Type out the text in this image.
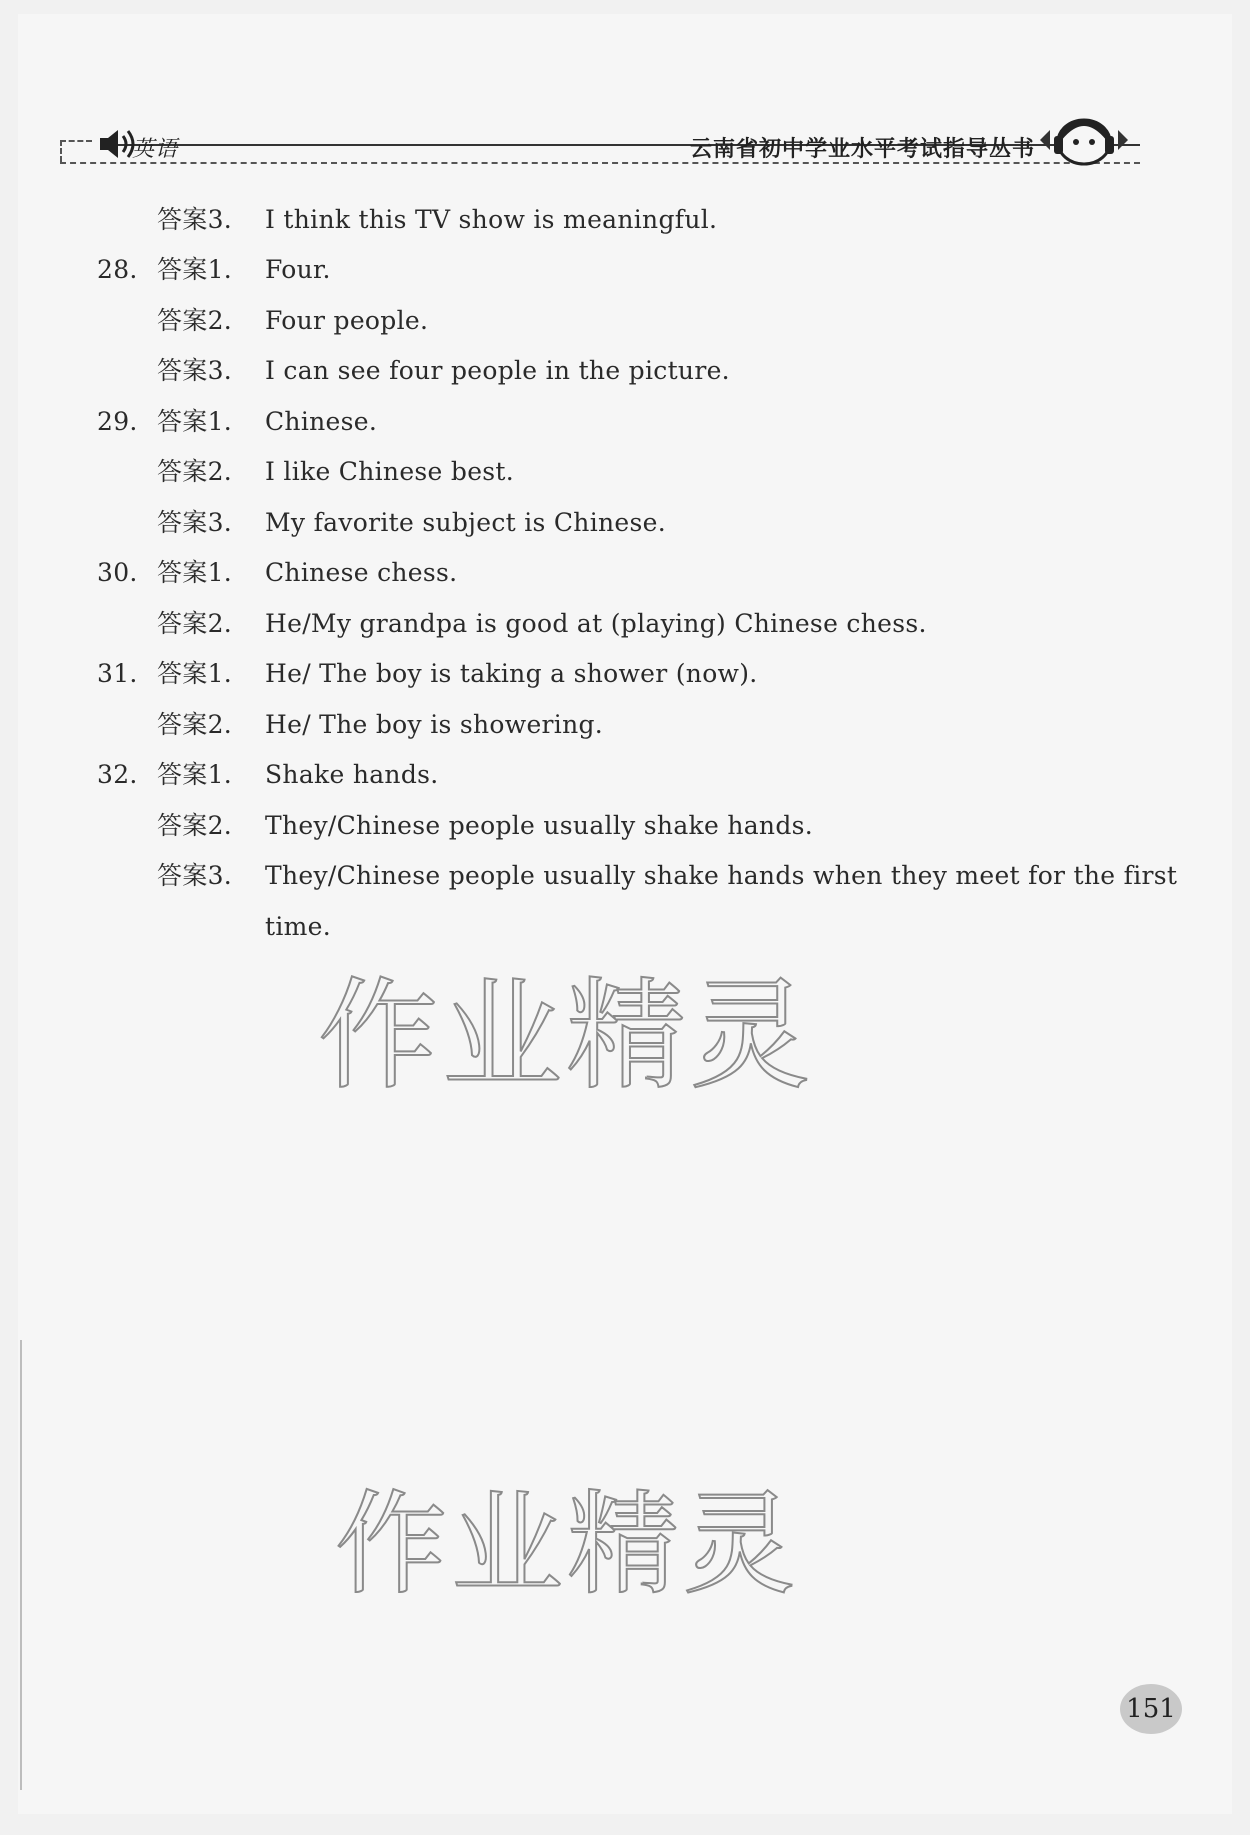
英语	云南省初中学业水平考试指导丛书
答案3. I think this TV show is meaningful.
28. 答案1. Four.
答案2. Four people.
答案3. I can see four people in the picture.
29. 答案1. Chinese.
答案2. I like Chinese best.
答案3. My favorite subject is Chinese.
30. 答案1. Chinese chess.
答案2. He/My grandpa is good at (playing) Chinese chess.
31. 答案1. He/ The boy is taking a shower (now).
答案2. He/ The boy is showering.
32. 答案1. Shake hands.
答案2. They/Chinese people usually shake hands.
答案3. They/Chinese people usually shake hands when they meet for the first
time.
作业精灵
作业精灵
151
